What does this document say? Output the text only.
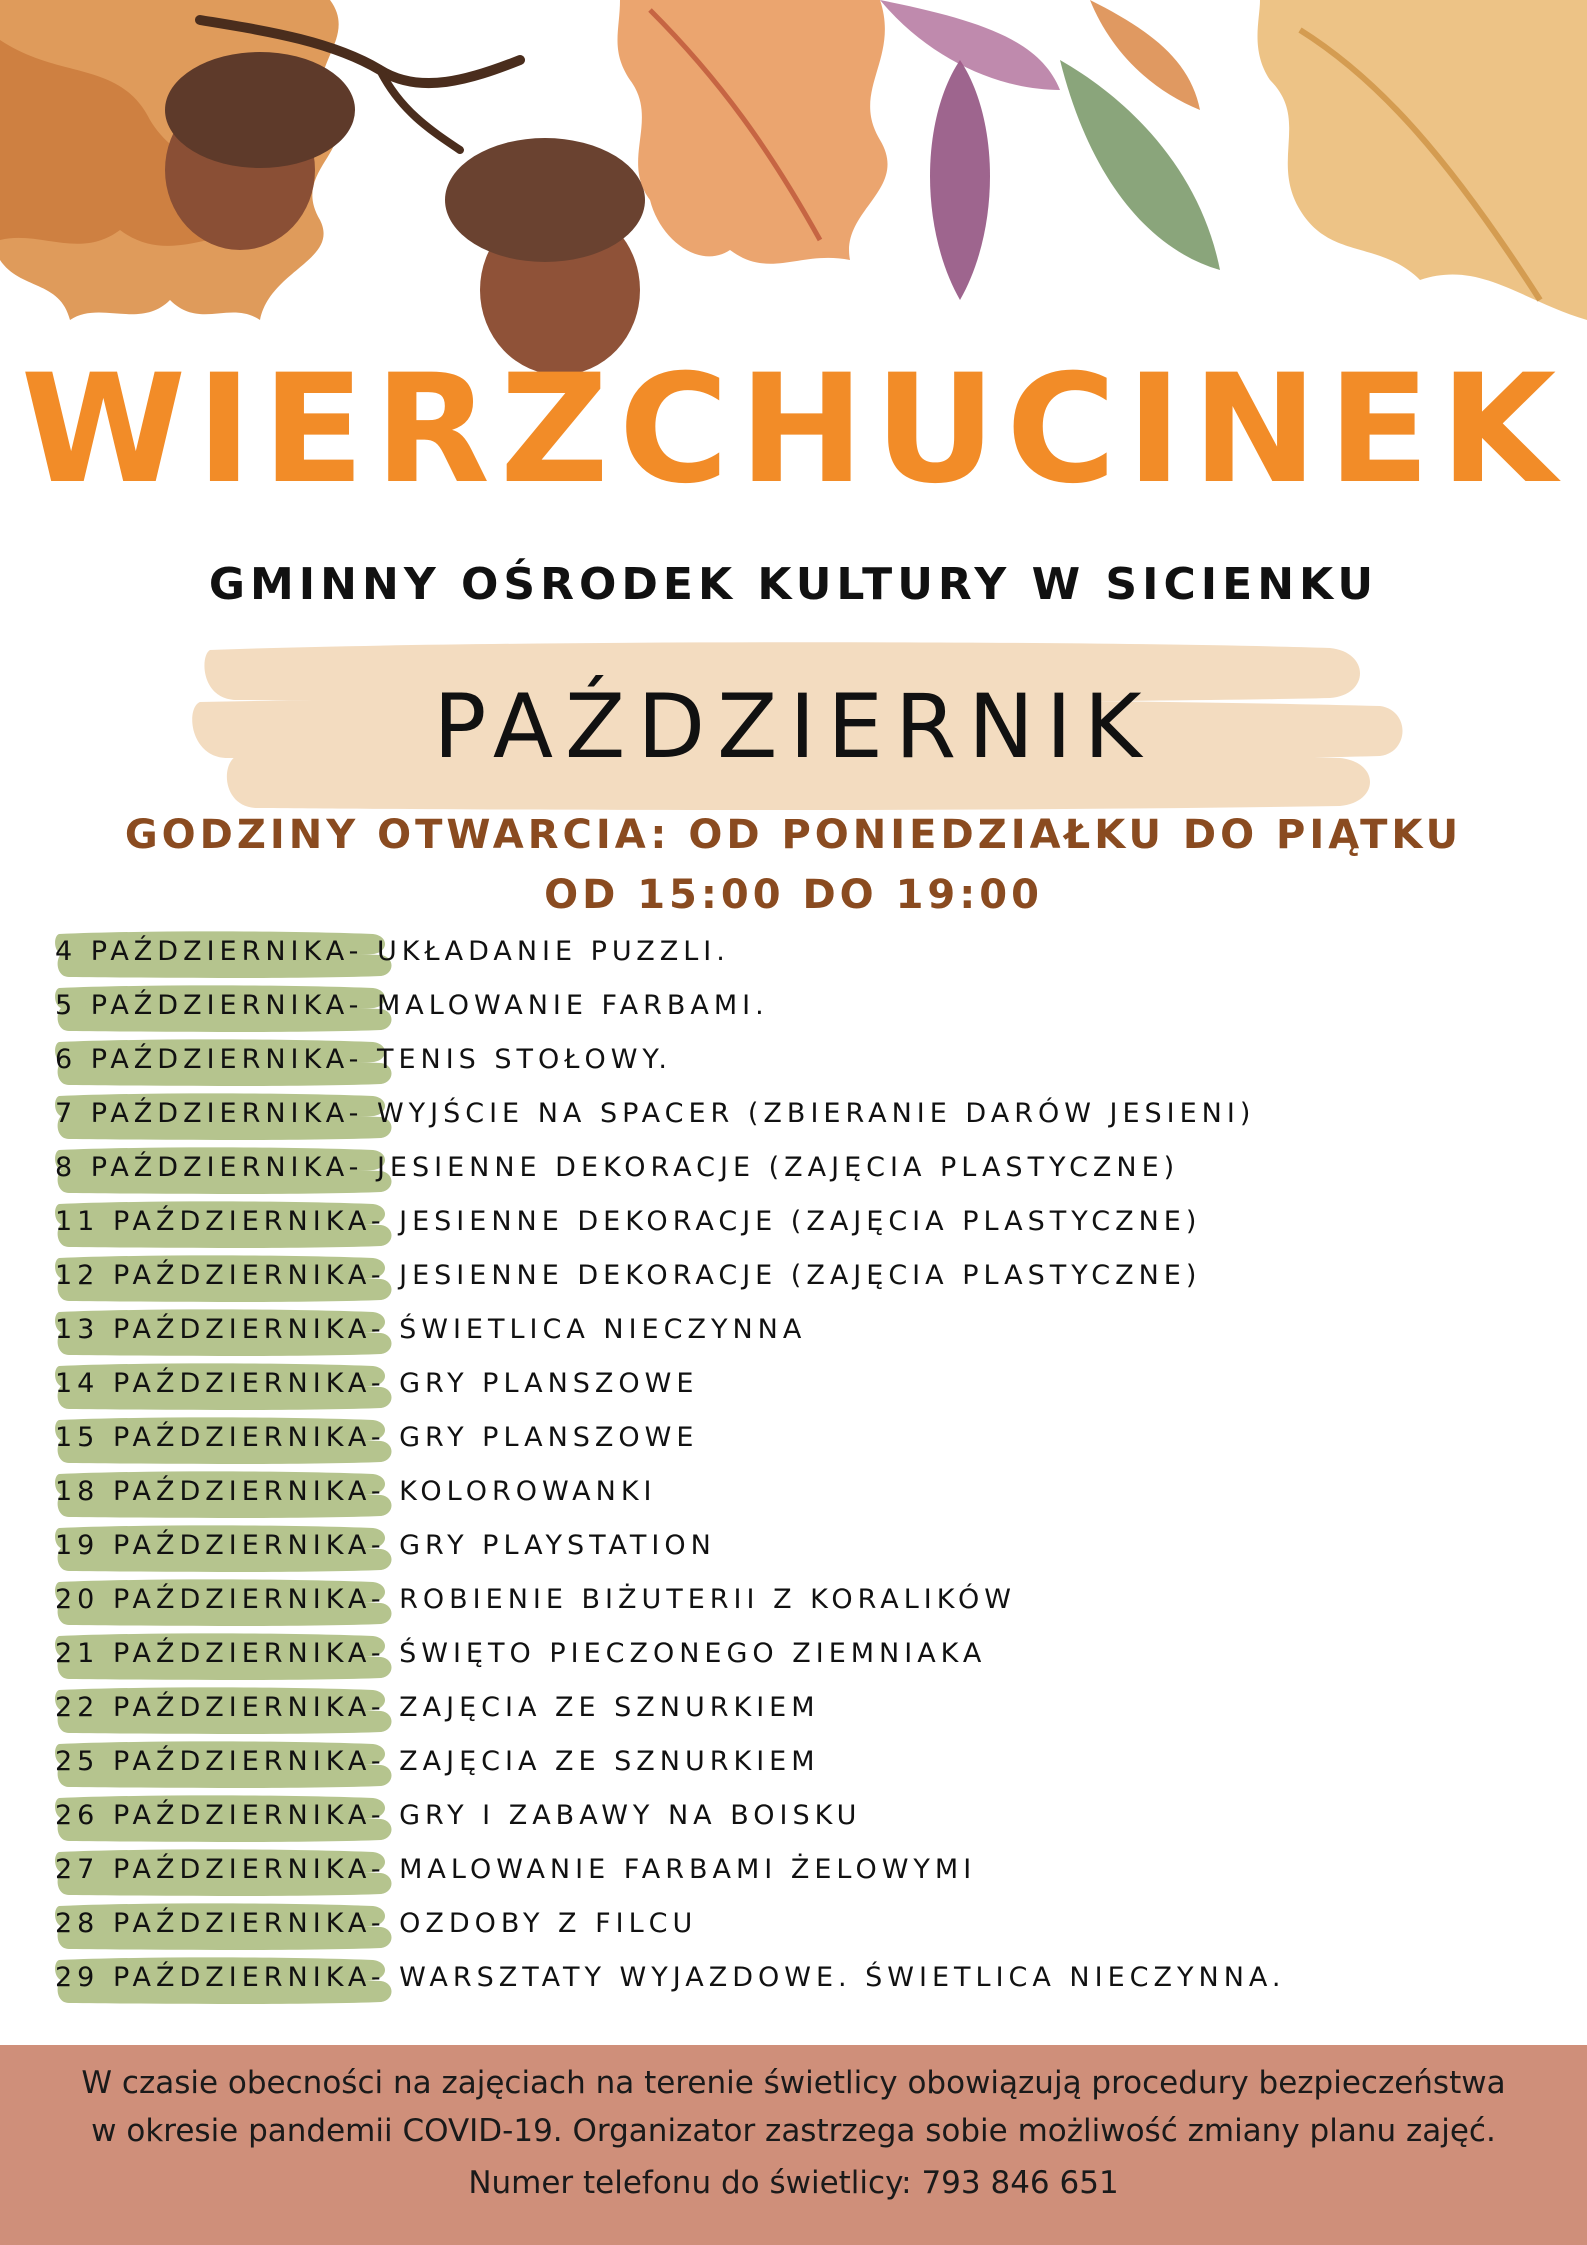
WIERZCHUCINEK
GMINNY OŚRODEK KULTURY W SICIENKU
PAŹDZIERNIK
GODZINY OTWARCIA: OD PONIEDZIAŁKU DO PIĄTKU
OD 15:00 DO 19:00
4 PAŹDZIERNIKA- UKŁADANIE PUZZLI.
5 PAŹDZIERNIKA- MALOWANIE FARBAMI.
6 PAŹDZIERNIKA- TENIS STOŁOWY.
7 PAŹDZIERNIKA- WYJŚCIE NA SPACER (ZBIERANIE DARÓW JESIENI)
8 PAŹDZIERNIKA- JESIENNE DEKORACJE (ZAJĘCIA PLASTYCZNE)
11 PAŹDZIERNIKA- JESIENNE DEKORACJE (ZAJĘCIA PLASTYCZNE)
12 PAŹDZIERNIKA- JESIENNE DEKORACJE (ZAJĘCIA PLASTYCZNE)
13 PAŹDZIERNIKA- ŚWIETLICA NIECZYNNA
14 PAŹDZIERNIKA- GRY PLANSZOWE
15 PAŹDZIERNIKA- GRY PLANSZOWE
18 PAŹDZIERNIKA- KOLOROWANKI
19 PAŹDZIERNIKA- GRY PLAYSTATION
20 PAŹDZIERNIKA- ROBIENIE BIŻUTERII Z KORALIKÓW
21 PAŹDZIERNIKA- ŚWIĘTO PIECZONEGO ZIEMNIAKA
22 PAŹDZIERNIKA- ZAJĘCIA ZE SZNURKIEM
25 PAŹDZIERNIKA- ZAJĘCIA ZE SZNURKIEM
26 PAŹDZIERNIKA- GRY I ZABAWY NA BOISKU
27 PAŹDZIERNIKA- MALOWANIE FARBAMI ŻELOWYMI
28 PAŹDZIERNIKA- OZDOBY Z FILCU
29 PAŹDZIERNIKA- WARSZTATY WYJAZDOWE. ŚWIETLICA NIECZYNNA.
W czasie obecności na zajęciach na terenie świetlicy obowiązują procedury bezpieczeństwa
w okresie pandemii COVID-19. Organizator zastrzega sobie możliwość zmiany planu zajęć.
Numer telefonu do świetlicy: 793 846 651
